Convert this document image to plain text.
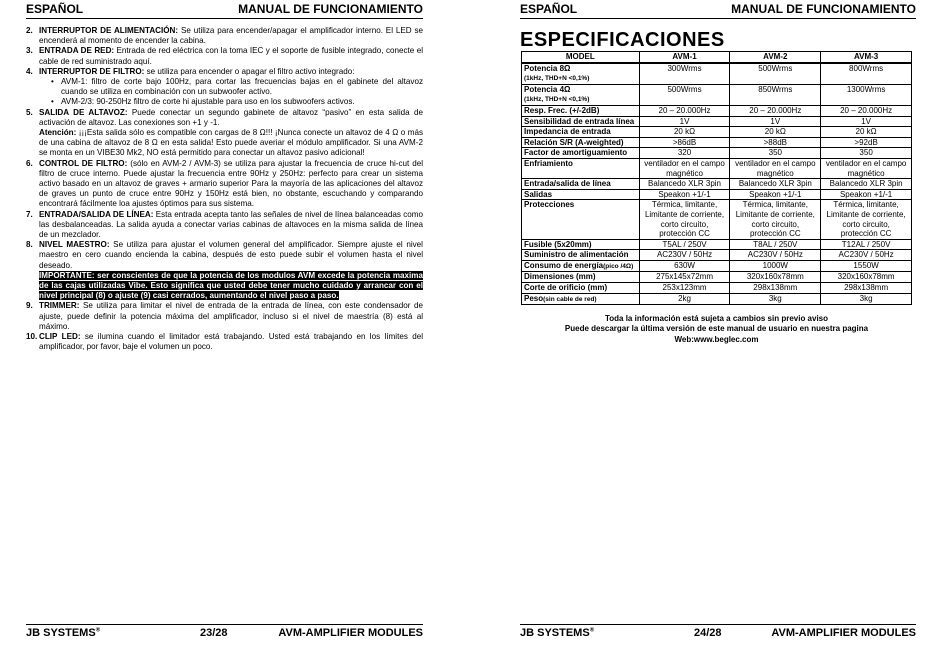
ESPAÑOL	MANUAL DE FUNCIONAMIENTO
2. INTERRUPTOR DE ALIMENTACIÓN: Se utiliza para encender/apagar el amplificador interno. El LED se encenderá al momento de encender la cabina.
3. ENTRADA DE RED: Entrada de red eléctrica con la toma IEC y el soporte de fusible integrado, conecte el cable de red suministrado aquí.
4. INTERRUPTOR DE FILTRO: se utiliza para encender o apagar el filtro activo integrado:
• AVM-1: filtro de corte bajo 100Hz, para cortar las frecuencias bajas en el gabinete del altavoz cuando se utiliza en combinación con un subwoofer activo.
• AVM-2/3: 90-250Hz filtro de corte hi ajustable para uso en los subwoofers activos.
5. SALIDA DE ALTAVOZ: Puede conectar un segundo gabinete de altavoz “pasivo” en esta salida de activación de altavoz. Las conexiones son +1 y -1.
Atención: ¡¡¡Esta salida sólo es compatible con cargas de 8 Ω!!! ¡Nunca conecte un altavoz de 4 Ω o más de una cabina de altavoz de 8 Ω en esta salida! Esto puede averiar el módulo amplificador. Si una AVM-2 se monta en un VIBE30 Mk2, NO está permitido para conectar un altavoz pasivo adicional!
6. CONTROL DE FILTRO: (sólo en AVM-2 / AVM-3) se utiliza para ajustar la frecuencia de cruce hi-cut del filtro de cruce interno. Puede ajustar la frecuencia entre 90Hz y 250Hz: perfecto para crear un sistema activo basado en un altavoz de graves + armario superior Para la mayoría de las aplicaciones del altavoz de graves un punto de cruce entre 90Hz y 150Hz está bien, no obstante, escuchando y comparando encontrará fácilmente loa ajustes óptimos para sus sistema.
7. ENTRADA/SALIDA DE LÍNEA: Esta entrada acepta tanto las señales de nivel de línea balanceadas como las desbalanceadas. La salida ayuda a conectar varias cabinas de altavoces en la misma salida de línea de un mezclador.
8. NIVEL MAESTRO: Se utiliza para ajustar el volumen general del amplificador. Siempre ajuste el nivel maestro en cero cuando encienda la cabina, después de esto puede subir el volumen hasta el nivel deseado.
IMPORTANTE: ser conscientes de que la potencia de los modulos AVM excede la potencia maxima de las cajas utilizadas Vibe. Esto significa que usted debe tener mucho cuidado y arrancar con el nivel principal (8) o ajuste (9) casi cerrados, aumentando el nivel paso a paso.
9. TRIMMER: Se utiliza para limitar el nivel de entrada de la entrada de línea, con este condensador de ajuste, puede definir la potencia máxima del amplificador, incluso si el nivel de maestría (8) está al máximo.
10. CLIP LED: se ilumina cuando el limitador está trabajando. Usted está trabajando en los límites del amplificador, por favor, baje el volumen un poco.
JB SYSTEMS®	23/28	AVM-AMPLIFIER MODULES
ESPAÑOL	MANUAL DE FUNCIONAMIENTO
ESPECIFICACIONES
MODEL	AVM-1	AVM-2	AVM-3
Potencia 8Ω
(1kHz, THD+N <0,1%)	300Wrms	500Wrms	800Wrms
Potencia 4Ω
(1kHz, THD+N <0,1%)	500Wrms	850Wrms	1300Wrms
Resp. Frec. (+/-2dB)	20 – 20.000Hz	20 – 20.000Hz	20 – 20.000Hz
Sensibilidad de entrada línea	1V	1V	1V
Impedancia de entrada	20 kΩ	20 kΩ	20 kΩ
Relación S/R (A-weighted)	>86dB	>88dB	>92dB
Factor de amortiguamiento	320	350	350
Enfriamiento	ventilador en el campo magnético	ventilador en el campo magnético	ventilador en el campo magnético
Entrada/salida de línea	Balancedo XLR 3pin	Balancedo XLR 3pin	Balancedo XLR 3pin
Salidas	Speakon +1/-1	Speakon +1/-1	Speakon +1/-1
Protecciones	Térmica, limitante, Limitante de corriente, corto circuito, protección CC	Térmica, limitante, Limitante de corriente, corto circuito, protección CC	Térmica, limitante, Limitante de corriente, corto circuito, protección CC
Fusible (5x20mm)	T5AL / 250V	T8AL / 250V	T12AL / 250V
Suministro de alimentación	AC230V / 50Hz	AC230V / 50Hz	AC230V / 50Hz
Consumo de energía(pico /4Ω)	630W	1000W	1550W
Dimensiones (mm)	275x145x72mm	320x160x78mm	320x160x78mm
Corte de orificio (mm)	253x123mm	298x138mm	298x138mm
Peso(sin cable de red)	2kg	3kg	3kg
Toda la información está sujeta a cambios sin previo aviso
Puede descargar la última versión de este manual de usuario en nuestra pagina
Web:www.beglec.com
JB SYSTEMS®	24/28	AVM-AMPLIFIER MODULES
